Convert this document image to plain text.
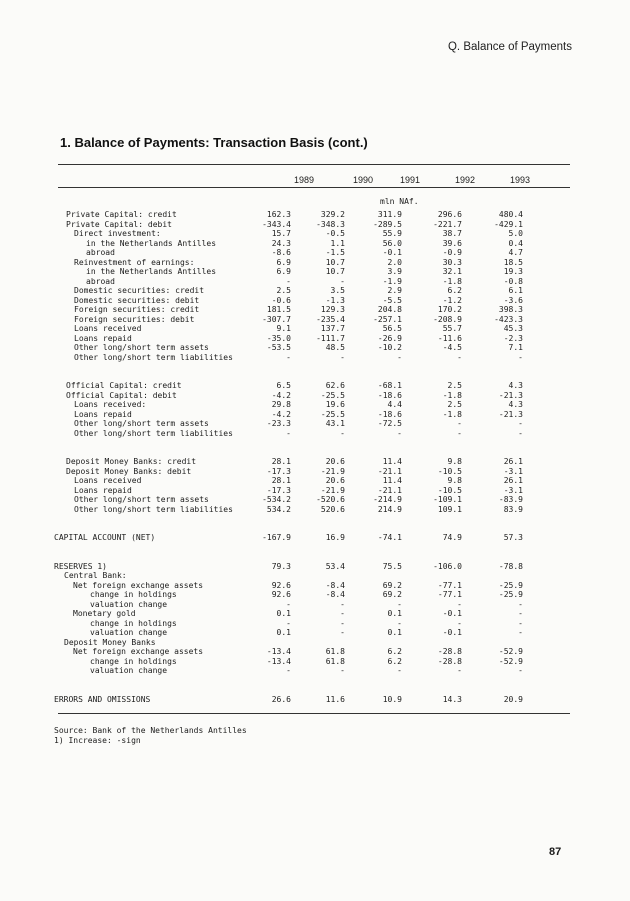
Q. Balance of Payments
1. Balance of Payments: Transaction Basis (cont.)
1989	1990	1991	1992	1993
mln NAf.
Private Capital: credit	162.3	329.2	311.9	296.6	480.4
Private Capital: debit	-343.4	-348.3	-289.5	-221.7	-429.1
Direct investment:	15.7	-0.5	55.9	38.7	5.0
in the Netherlands Antilles	24.3	1.1	56.0	39.6	0.4
abroad	-8.6	-1.5	-0.1	-0.9	4.7
Reinvestment of earnings:	6.9	10.7	2.0	30.3	18.5
in the Netherlands Antilles	6.9	10.7	3.9	32.1	19.3
abroad	-	-	-1.9	-1.8	-0.8
Domestic securities: credit	2.5	3.5	2.9	6.2	6.1
Domestic securities: debit	-0.6	-1.3	-5.5	-1.2	-3.6
Foreign securities: credit	181.5	129.3	204.8	170.2	398.3
Foreign securities: debit	-307.7	-235.4	-257.1	-208.9	-423.3
Loans received	9.1	137.7	56.5	55.7	45.3
Loans repaid	-35.0	-111.7	-26.9	-11.6	-2.3
Other long/short term assets	-53.5	48.5	-10.2	-4.5	7.1
Other long/short term liabilities	-	-	-	-	-
Official Capital: credit	6.5	62.6	-68.1	2.5	4.3
Official Capital: debit	-4.2	-25.5	-18.6	-1.8	-21.3
Loans received:	29.8	19.6	4.4	2.5	4.3
Loans repaid	-4.2	-25.5	-18.6	-1.8	-21.3
Other long/short term assets	-23.3	43.1	-72.5	-	-
Other long/short term liabilities	-	-	-	-	-
Deposit Money Banks: credit	28.1	20.6	11.4	9.8	26.1
Deposit Money Banks: debit	-17.3	-21.9	-21.1	-10.5	-3.1
Loans received	28.1	20.6	11.4	9.8	26.1
Loans repaid	-17.3	-21.9	-21.1	-10.5	-3.1
Other long/short term assets	-534.2	-520.6	-214.9	-109.1	-83.9
Other long/short term liabilities	534.2	520.6	214.9	109.1	83.9
CAPITAL ACCOUNT (NET)	-167.9	16.9	-74.1	74.9	57.3
RESERVES 1)	79.3	53.4	75.5	-106.0	-78.8
Central Bank:
Net foreign exchange assets	92.6	-8.4	69.2	-77.1	-25.9
change in holdings	92.6	-8.4	69.2	-77.1	-25.9
valuation change	-	-	-	-	-
Monetary gold	0.1	-	0.1	-0.1	-
change in holdings	-	-	-	-	-
valuation change	0.1	-	0.1	-0.1	-
Deposit Money Banks
Net foreign exchange assets	-13.4	61.8	6.2	-28.8	-52.9
change in holdings	-13.4	61.8	6.2	-28.8	-52.9
valuation change	-	-	-	-	-
ERRORS AND OMISSIONS	26.6	11.6	10.9	14.3	20.9
Source: Bank of the Netherlands Antilles
1) Increase: -sign
87
